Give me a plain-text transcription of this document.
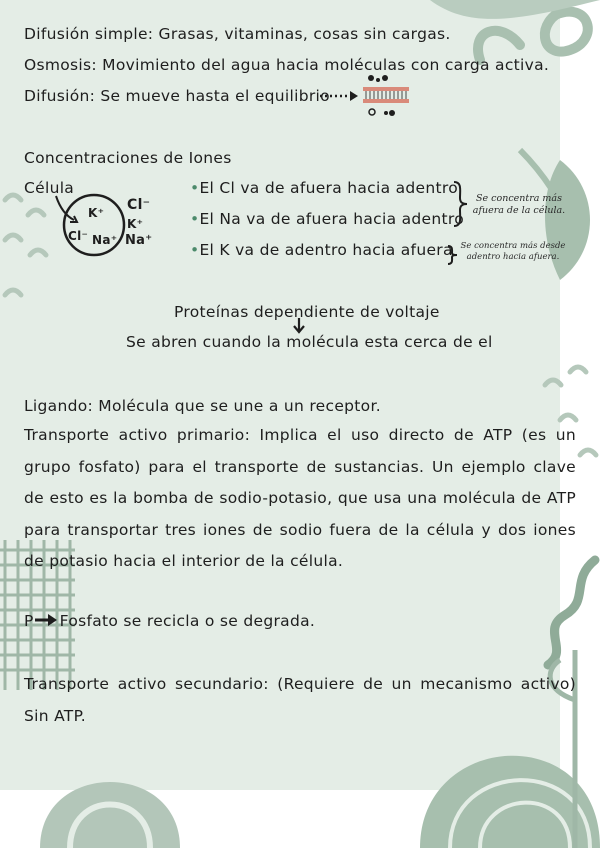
Difusión simple: Grasas, vitaminas, cosas sin cargas.
Osmosis: Movimiento del agua hacia moléculas con carga activa.
Difusión: Se mueve hasta el equilibrio
Concentraciones de Iones
Célula
K⁺
Cl⁻ Na⁺
Cl⁻
K⁺
Na⁺
•El Cl va de afuera hacia adentro
•El Na va de afuera hacia adentro
•El K va de adentro hacia afuera
Se concentra más afuera de la célula.
Se concentra más desde adentro hacia afuera.
Proteínas dependiente de voltaje
Se abren cuando la molécula esta cerca de el
Ligando: Molécula que se une a un receptor.
Transporte activo primario: Implica el uso directo de ATP (es un grupo fosfato) para el transporte de sustancias. Un ejemplo clave de esto es la bomba de sodio-potasio, que usa una molécula de ATP para transportar tres iones de sodio fuera de la célula y dos iones de potasio hacia el interior de la célula.
P Fosfato se recicla o se degrada.
Transporte activo secundario: (Requiere de un mecanismo activo) Sin ATP.
